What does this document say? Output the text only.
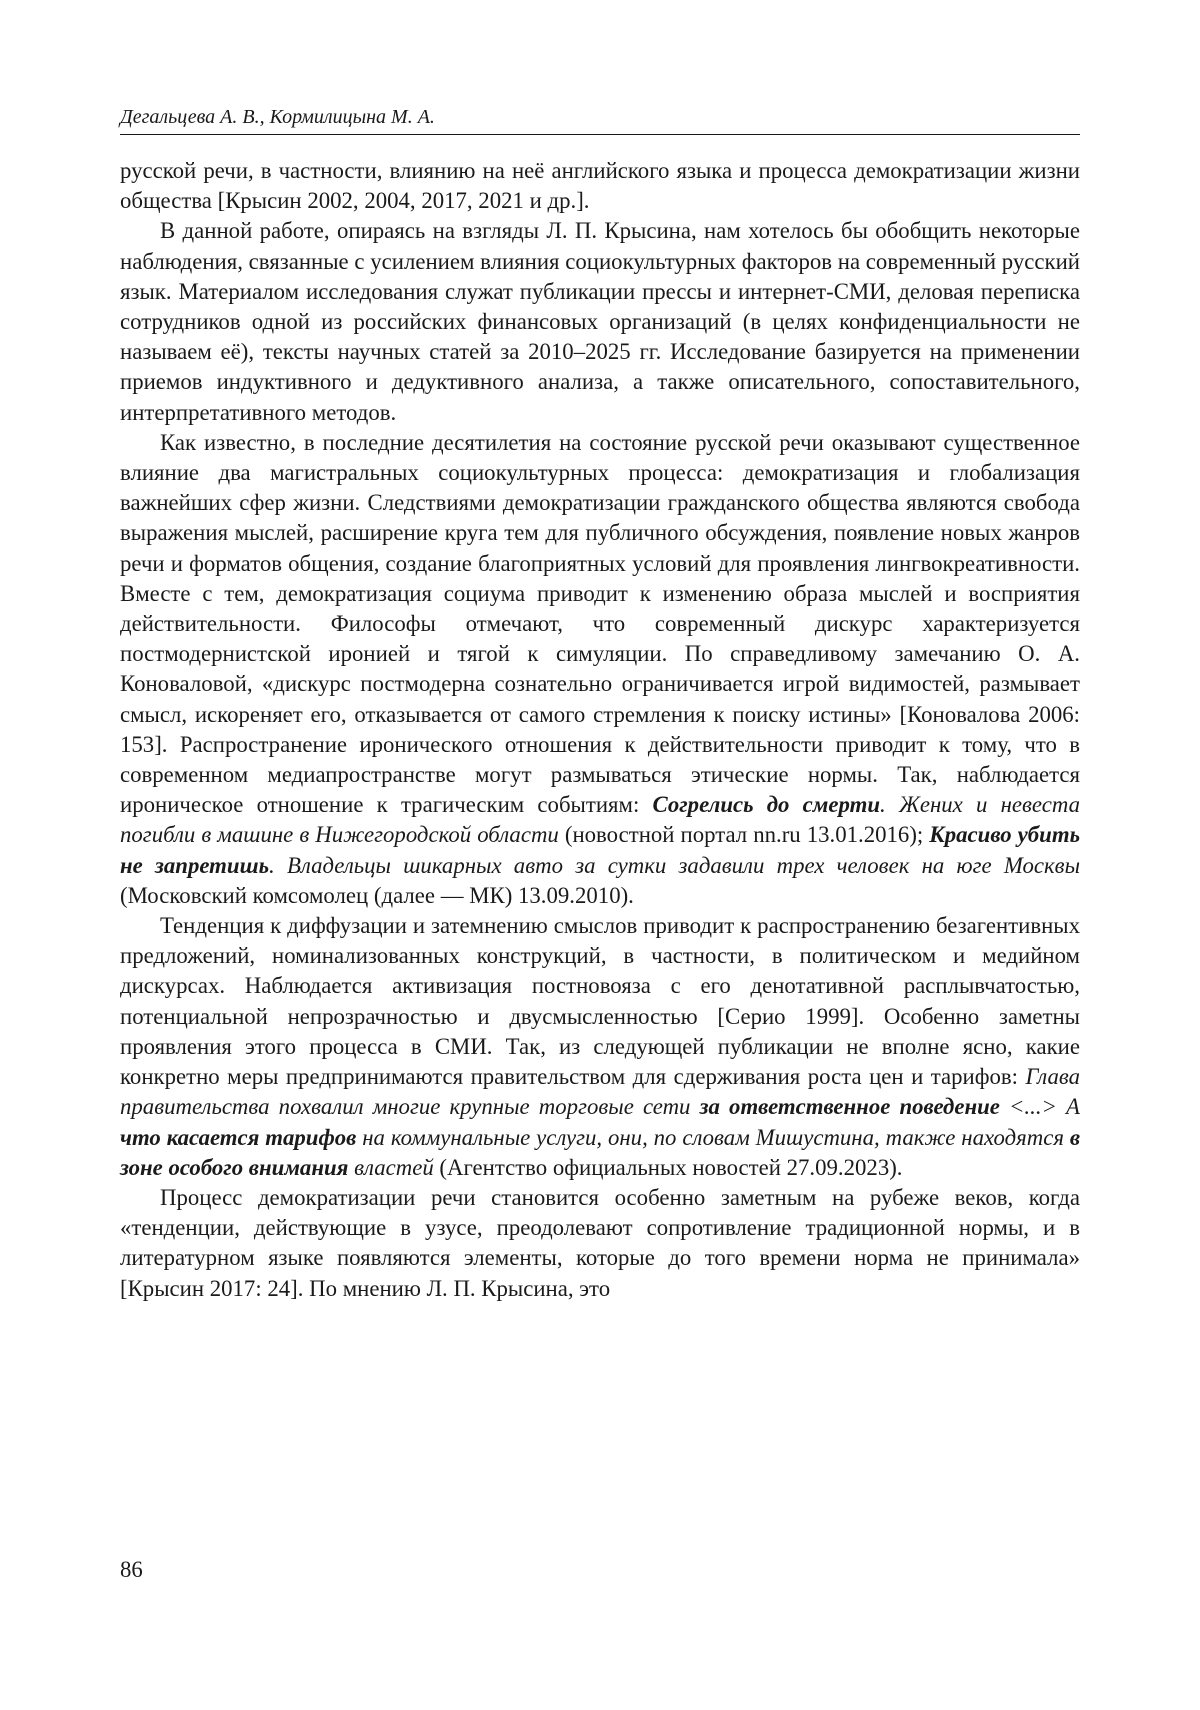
Дегальцева А. В., Кормилицына М. А.

русской речи, в частности, влиянию на неё английского языка и процесса демократизации жизни общества [Крысин 2002, 2004, 2017, 2021 и др.].

В данной работе, опираясь на взгляды Л. П. Крысина, нам хотелось бы обобщить некоторые наблюдения, связанные с усилением влияния социокультурных факторов на современный русский язык. Материалом исследования служат публикации прессы и интернет-СМИ, деловая переписка сотрудников одной из российских финансовых организаций (в целях конфиденциальности не называем её), тексты научных статей за 2010–2025 гг. Исследование базируется на применении приемов индуктивного и дедуктивного анализа, а также описательного, сопоставительного, интерпретативного методов.

Как известно, в последние десятилетия на состояние русской речи оказывают существенное влияние два магистральных социокультурных процесса: демократизация и глобализация важнейших сфер жизни. Следствиями демократизации гражданского общества являются свобода выражения мыслей, расширение круга тем для публичного обсуждения, появление новых жанров речи и форматов общения, создание благоприятных условий для проявления лингвокреативности. Вместе с тем, демократизация социума приводит к изменению образа мыслей и восприятия действительности. Философы отмечают, что современный дискурс характеризуется постмодернистской иронией и тягой к симуляции. По справедливому замечанию О. А. Коноваловой, «дискурс постмодерна сознательно ограничивается игрой видимостей, размывает смысл, искореняет его, отказывается от самого стремления к поиску истины» [Коновалова 2006: 153]. Распространение иронического отношения к действительности приводит к тому, что в современном медиапространстве могут размываться этические нормы. Так, наблюдается ироническое отношение к трагическим событиям: Согрелись до смерти. Жених и невеста погибли в машине в Нижегородской области (новостной портал nn.ru 13.01.2016); Красиво убить не запретишь. Владельцы шикарных авто за сутки задавили трех человек на юге Москвы (Московский комсомолец (далее — МК) 13.09.2010).

Тенденция к диффузации и затемнению смыслов приводит к распространению безагентивных предложений, номинализованных конструкций, в частности, в политическом и медийном дискурсах. Наблюдается активизация постновояза с его денотативной расплывчатостью, потенциальной непрозрачностью и двусмысленностью [Серио 1999]. Особенно заметны проявления этого процесса в СМИ. Так, из следующей публикации не вполне ясно, какие конкретно меры предпринимаются правительством для сдерживания роста цен и тарифов: Глава правительства похвалил многие крупные торговые сети за ответственное поведение <...> А что касается тарифов на коммунальные услуги, они, по словам Мишустина, также находятся в зоне особого внимания властей (Агентство официальных новостей 27.09.2023).

Процесс демократизации речи становится особенно заметным на рубеже веков, когда «тенденции, действующие в узусе, преодолевают сопротивление традиционной нормы, и в литературном языке появляются элементы, которые до того времени норма не принимала» [Крысин 2017: 24]. По мнению Л. П. Крысина, это

86
